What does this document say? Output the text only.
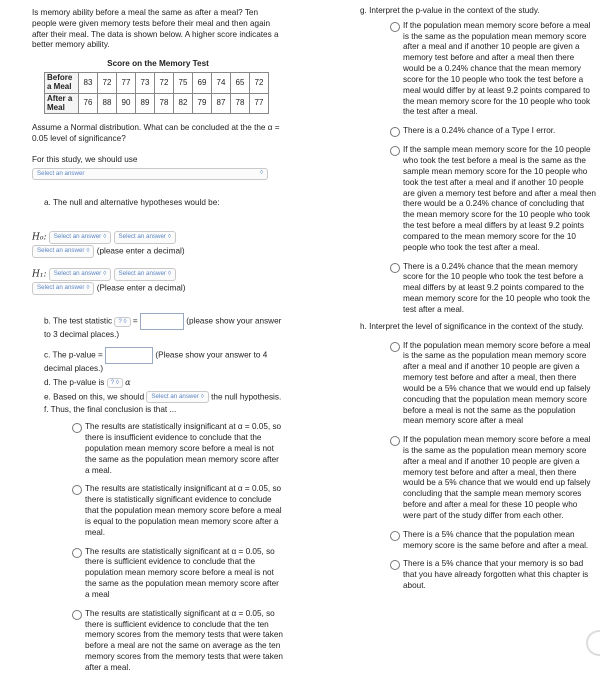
Is memory ability before a meal the same as after a meal? Ten people were given memory tests before their meal and then again after their meal. The data is shown below. A higher score indicates a better memory ability.
Score on the Memory Test
Before a Meal	83	72	77	73	72	75	69	74	65	72
After a Meal	76	88	90	89	78	82	79	87	78	77
Assume a Normal distribution. What can be concluded at the the α = 0.05 level of significance?
For this study, we should use
Select an answer	◊
a. The null and alternative hypotheses would be:
H₀: Select an answer ◊ Select an answer ◊
Select an answer ◊ (please enter a decimal)
H₁: Select an answer ◊ Select an answer ◊
Select an answer ◊ (Please enter a decimal)
b. The test statistic ? ◊ =	(please show your answer to 3 decimal places.)
c. The p-value =	(Please show your answer to 4 decimal places.)
d. The p-value is ? ◊ α
e. Based on this, we should Select an answer ◊ the null hypothesis.
f. Thus, the final conclusion is that ...
The results are statistically insignificant at α = 0.05, so there is insufficient evidence to conclude that the population mean memory score before a meal is not the same as the population mean memory score after a meal.
The results are statistically insignificant at α = 0.05, so there is statistically significant evidence to conclude that the population mean memory score before a meal is equal to the population mean memory score after a meal.
The results are statistically significant at α = 0.05, so there is sufficient evidence to conclude that the population mean memory score before a meal is not the same as the population mean memory score after a meal
The results are statistically significant at α = 0.05, so there is sufficient evidence to conclude that the ten memory scores from the memory tests that were taken before a meal are not the same on average as the ten memory scores from the memory tests that were taken after a meal.
g. Interpret the p-value in the context of the study.
If the population mean memory score before a meal is the same as the population mean memory score after a meal and if another 10 people are given a memory test before and after a meal then there would be a 0.24% chance that the mean memory score for the 10 people who took the test before a meal would differ by at least 9.2 points compared to the mean memory score for the 10 people who took the test after a meal.
There is a 0.24% chance of a Type I error.
If the sample mean memory score for the 10 people who took the test before a meal is the same as the sample mean memory score for the 10 people who took the test after a meal and if another 10 people are given a memory test before and after a meal then there would be a 0.24% chance of concluding that the mean memory score for the 10 people who took the test before a meal differs by at least 9.2 points compared to the mean memory score for the 10 people who took the test after a meal.
There is a 0.24% chance that the mean memory score for the 10 people who took the test before a meal differs by at least 9.2 points compared to the mean memory score for the 10 people who took the test after a meal.
h. Interpret the level of significance in the context of the study.
If the population mean memory score before a meal is the same as the population mean memory score after a meal and if another 10 people are given a memory test before and after a meal, then there would be a 5% chance that we would end up falsely concuding that the population mean memory score before a meal is not the same as the population mean memory score after a meal
If the population mean memory score before a meal is the same as the population mean memory score after a meal and if another 10 people are given a memory test before and after a meal, then there would be a 5% chance that we would end up falsely concluding that the sample mean memory scores before and after a meal for these 10 people who were part of the study differ from each other.
There is a 5% chance that the population mean memory score is the same before and after a meal.
There is a 5% chance that your memory is so bad that you have already forgotten what this chapter is about.
